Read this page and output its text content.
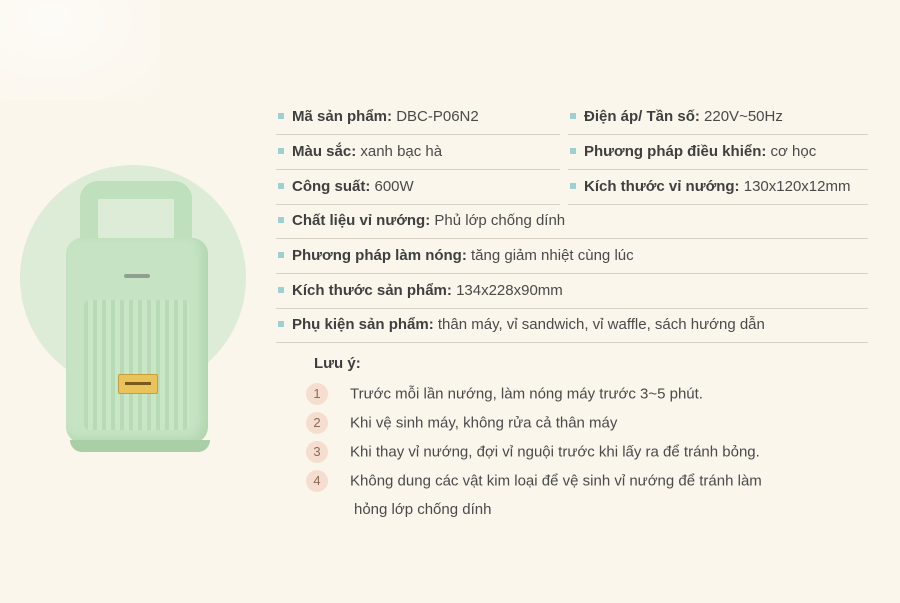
Mã sản phẩm: DBC-P06N2	Điện áp/ Tần số: 220V~50Hz
Màu sắc: xanh bạc hà	Phương pháp điều khiển: cơ học
Công suất: 600W	Kích thước vỉ nướng: 130x120x12mm
Chất liệu vỉ nướng: Phủ lớp chống dính
Phương pháp làm nóng: tăng giảm nhiệt cùng lúc
Kích thước sản phẩm: 134x228x90mm
Phụ kiện sản phẩm: thân máy, vỉ sandwich, vỉ waffle, sách hướng dẫn
Lưu ý:
1 Trước mỗi lần nướng, làm nóng máy trước 3~5 phút.
2 Khi vệ sinh máy, không rửa cả thân máy
3 Khi thay vỉ nướng, đợi vỉ nguội trước khi lấy ra để tránh bỏng.
4 Không dung các vật kim loại để vệ sinh vỉ nướng để tránh làm
hỏng lớp chống dính
